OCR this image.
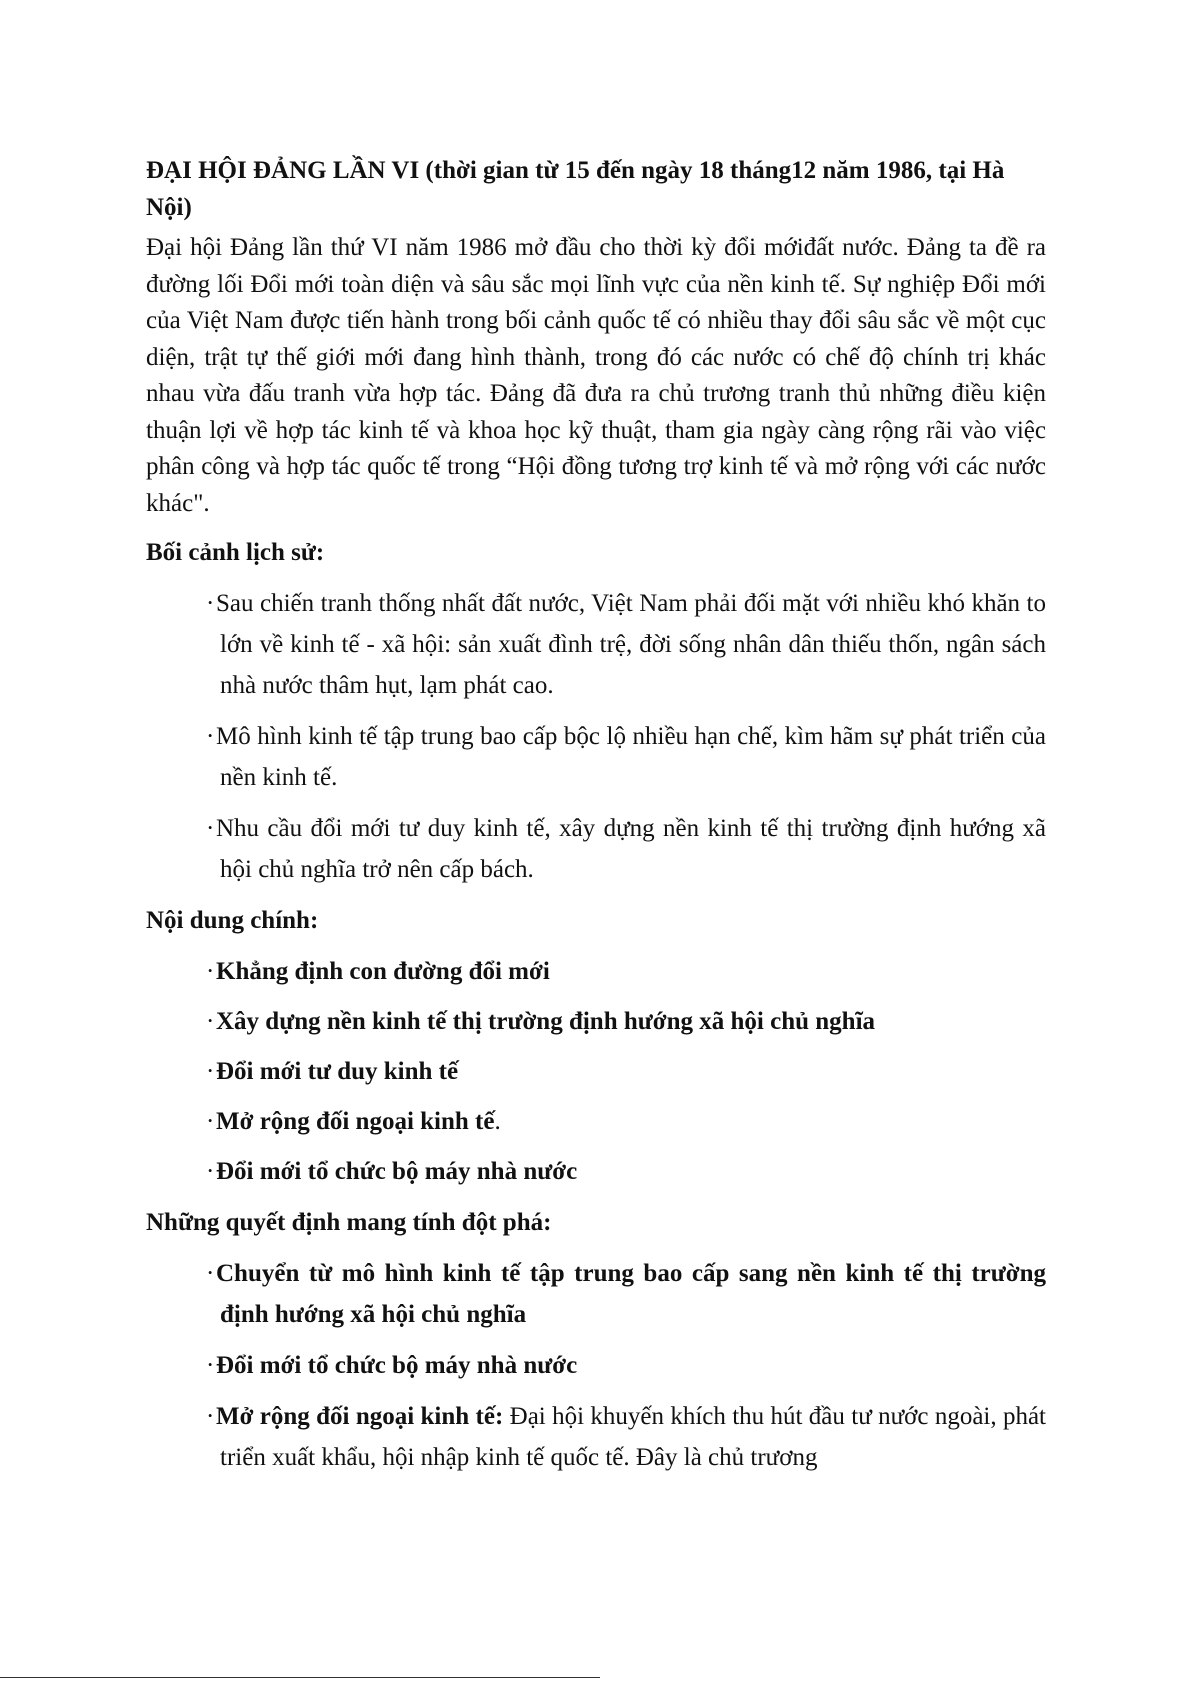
ĐẠI HỘI ĐẢNG LẦN VI (thời gian từ 15 đến ngày 18 tháng12 năm 1986, tại Hà Nội)

Đại hội Đảng lần thứ VI năm 1986 mở đầu cho thời kỳ đổi mớiđất nước. Đảng ta đề ra đường lối Đổi mới toàn diện và sâu sắc mọi lĩnh vực của nền kinh tế. Sự nghiệp Đổi mới của Việt Nam được tiến hành trong bối cảnh quốc tế có nhiều thay đổi sâu sắc về một cục diện, trật tự thế giới mới đang hình thành, trong đó các nước có chế độ chính trị khác nhau vừa đấu tranh vừa hợp tác. Đảng đã đưa ra chủ trương tranh thủ những điều kiện thuận lợi về hợp tác kinh tế và khoa học kỹ thuật, tham gia ngày càng rộng rãi vào việc phân công và hợp tác quốc tế trong “Hội đồng tương trợ kinh tế và mở rộng với các nước khác".

Bối cảnh lịch sử:

·Sau chiến tranh thống nhất đất nước, Việt Nam phải đối mặt với nhiều khó khăn to lớn về kinh tế - xã hội: sản xuất đình trệ, đời sống nhân dân thiếu thốn, ngân sách nhà nước thâm hụt, lạm phát cao.
·Mô hình kinh tế tập trung bao cấp bộc lộ nhiều hạn chế, kìm hãm sự phát triển của nền kinh tế.
·Nhu cầu đổi mới tư duy kinh tế, xây dựng nền kinh tế thị trường định hướng xã hội chủ nghĩa trở nên cấp bách.

Nội dung chính:

·Khẳng định con đường đổi mới
·Xây dựng nền kinh tế thị trường định hướng xã hội chủ nghĩa
·Đổi mới tư duy kinh tế
·Mở rộng đối ngoại kinh tế.
·Đổi mới tổ chức bộ máy nhà nước

Những quyết định mang tính đột phá:

·Chuyển từ mô hình kinh tế tập trung bao cấp sang nền kinh tế thị trường định hướng xã hội chủ nghĩa
·Đổi mới tổ chức bộ máy nhà nước
·Mở rộng đối ngoại kinh tế: Đại hội khuyến khích thu hút đầu tư nước ngoài, phát triển xuất khẩu, hội nhập kinh tế quốc tế. Đây là chủ trương
